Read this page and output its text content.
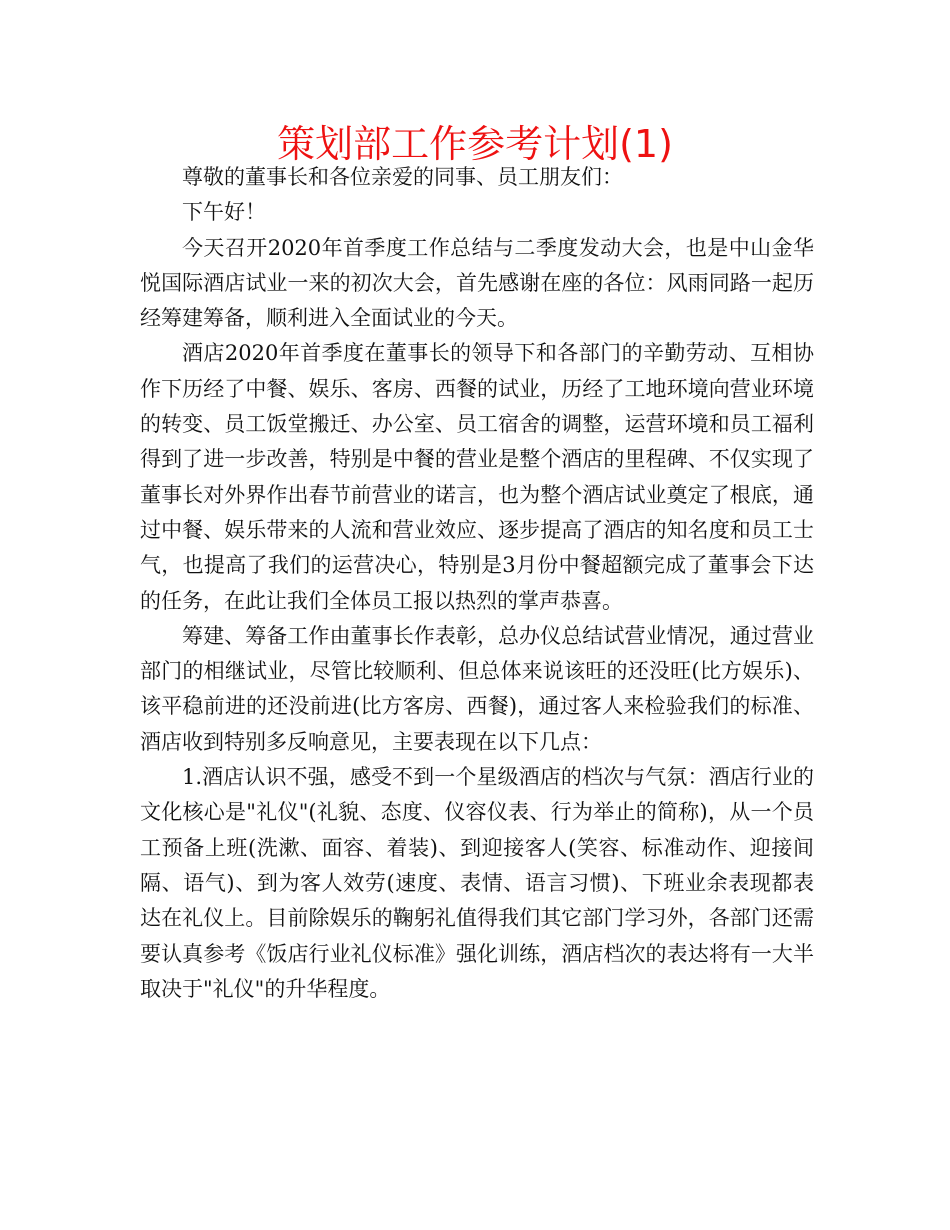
策划部工作参考计划(1)

尊敬的董事长和各位亲爱的同事、员工朋友们：

下午好！

今天召开2020年首季度工作总结与二季度发动大会，也是中山金华悦国际酒店试业一来的初次大会，首先感谢在座的各位：风雨同路一起历经筹建筹备，顺利进入全面试业的今天。

酒店2020年首季度在董事长的领导下和各部门的辛勤劳动、互相协作下历经了中餐、娱乐、客房、西餐的试业，历经了工地环境向营业环境的转变、员工饭堂搬迁、办公室、员工宿舍的调整，运营环境和员工福利得到了进一步改善，特别是中餐的营业是整个酒店的里程碑、不仅实现了董事长对外界作出春节前营业的诺言，也为整个酒店试业奠定了根底，通过中餐、娱乐带来的人流和营业效应、逐步提高了酒店的知名度和员工士气，也提高了我们的运营决心，特别是3月份中餐超额完成了董事会下达的任务，在此让我们全体员工报以热烈的掌声恭喜。

筹建、筹备工作由董事长作表彰，总办仪总结试营业情况，通过营业部门的相继试业，尽管比较顺利、但总体来说该旺的还没旺(比方娱乐)、该平稳前进的还没前进(比方客房、西餐)，通过客人来检验我们的标准、酒店收到特别多反响意见，主要表现在以下几点：

1.酒店认识不强，感受不到一个星级酒店的档次与气氛：酒店行业的文化核心是"礼仪"(礼貌、态度、仪容仪表、行为举止的简称)，从一个员工预备上班(洗漱、面容、着装)、到迎接客人(笑容、标准动作、迎接间隔、语气)、到为客人效劳(速度、表情、语言习惯)、下班业余表现都表达在礼仪上。目前除娱乐的鞠躬礼值得我们其它部门学习外，各部门还需要认真参考《饭店行业礼仪标准》强化训练，酒店档次的表达将有一大半取决于"礼仪"的升华程度。
